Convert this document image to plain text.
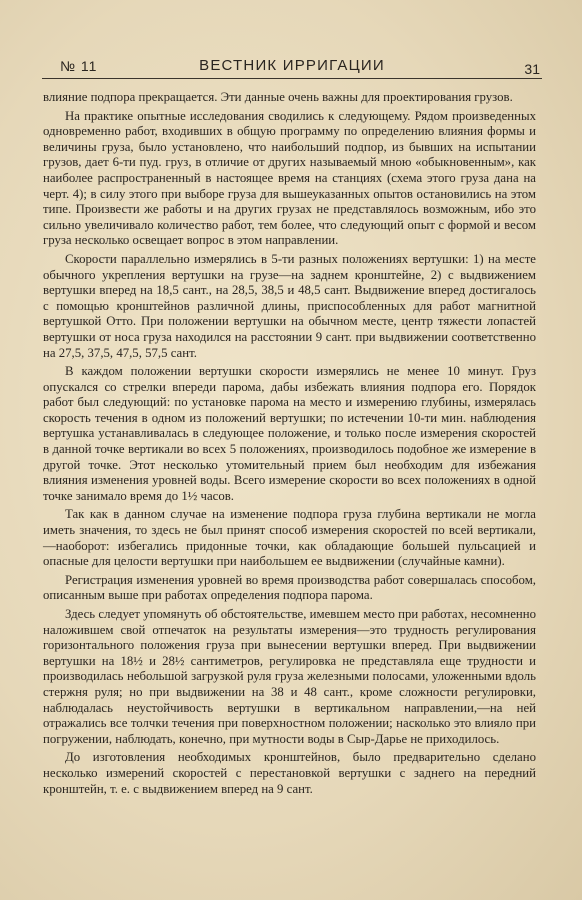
№ 11	ВЕСТНИК ИРРИГАЦИИ	31

влияние подпора прекращается. Эти данные очень важны для проектирования грузов.

На практике опытные исследования сводились к следующему. Рядом произведенных одновременно работ, входивших в общую программу по определению влияния формы и величины груза, было установлено, что наибольший подпор, из бывших на испытании грузов, дает 6-ти пуд. груз, в отличие от других называемый мною «обыкновенным», как наиболее распространенный в настоящее время на станциях (схема этого груза дана на черт. 4); в силу этого при выборе груза для вышеуказанных опытов остановились на этом типе. Произвести же работы и на других грузах не представлялось возможным, ибо это сильно увеличивало количество работ, тем более, что следующий опыт с формой и весом груза несколько освещает вопрос в этом направлении.

Скорости параллельно измерялись в 5-ти разных положениях вертушки: 1) на месте обычного укрепления вертушки на грузе—на заднем кронштейне, 2) с выдвижением вертушки вперед на 18,5 сант., на 28,5, 38,5 и 48,5 сант. Выдвижение вперед достигалось с помощью кронштейнов различной длины, приспособленных для работ магнитной вертушкой Отто. При положении вертушки на обычном месте, центр тяжести лопастей вертушки от носа груза находился на расстоянии 9 сант. при выдвижении соответственно на 27,5, 37,5, 47,5, 57,5 сант.

В каждом положении вертушки скорости измерялись не менее 10 минут. Груз опускался со стрелки впереди парома, дабы избежать влияния подпора его. Порядок работ был следующий: по установке парома на место и измерению глубины, измерялась скорость течения в одном из положений вертушки; по истечении 10-ти мин. наблюдения вертушка устанавливалась в следующее положение, и только после измерения скоростей в данной точке вертикали во всех 5 положениях, производилось подобное же измерение в другой точке. Этот несколько утомительный прием был необходим для избежания влияния изменения уровней воды. Всего измерение скорости во всех положениях в одной точке занимало время до 1½ часов.

Так как в данном случае на изменение подпора груза глубина вертикали не могла иметь значения, то здесь не был принят способ измерения скоростей по всей вертикали,—наоборот: избегались придонные точки, как обладающие большей пульсацией и опасные для целости вертушки при наибольшем ее выдвижении (случайные камни).

Регистрация изменения уровней во время производства работ совершалась способом, описанным выше при работах определения подпора парома.

Здесь следует упомянуть об обстоятельстве, имевшем место при работах, несомненно наложившем свой отпечаток на результаты измерения—это трудность регулирования горизонтального положения груза при вынесении вертушки вперед. При выдвижении вертушки на 18½ и 28½ сантиметров, регулировка не представляла еще трудности и производилась небольшой загрузкой руля груза железными полосами, уложенными вдоль стержня руля; но при выдвижении на 38 и 48 сант., кроме сложности регулировки, наблюдалась неустойчивость вертушки в вертикальном направлении,—на ней отражались все толчки течения при поверхностном положении; насколько это влияло при погружении, наблюдать, конечно, при мутности воды в Сыр-Дарье не приходилось.

До изготовления необходимых кронштейнов, было предварительно сделано несколько измерений скоростей с перестановкой вертушки с заднего на передний кронштейн, т. е. с выдвижением вперед на 9 сант.
